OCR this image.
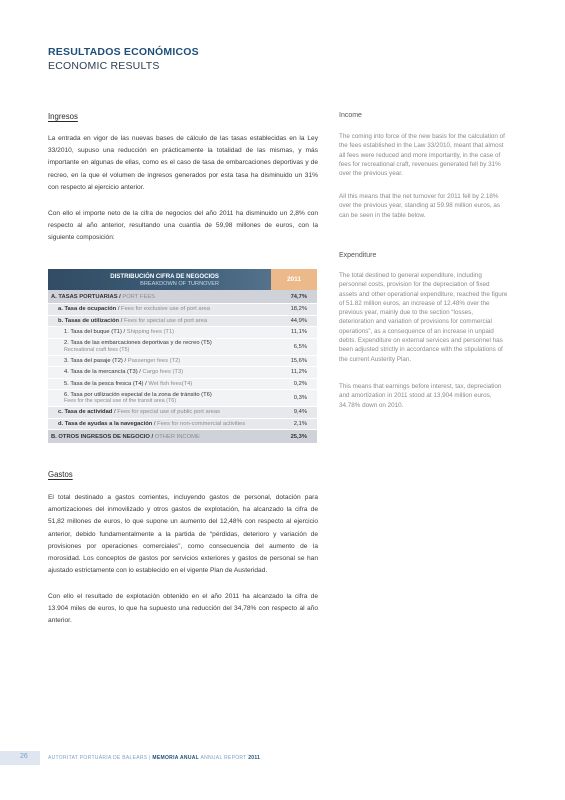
RESULTADOS ECONÓMICOS
ECONOMIC RESULTS
Ingresos
La entrada en vigor de las nuevas bases de cálculo de las tasas establecidas en la Ley 33/2010, supuso una reducción en prácticamente la totalidad de las mismas, y más importante en algunas de ellas, como es el caso de tasa de embarcaciones deportivas y de recreo, en la que el volumen de ingresos generados por esta tasa ha disminuido un 31% con respecto al ejercicio anterior.
Con ello el importe neto de la cifra de negocios del año 2011 ha disminuido un 2,8% con respecto al año anterior, resultando una cuantía de 59,98 millones de euros, con la siguiente composición:
Income
The coming into force of the new basis for the calculation of the fees established in the Law 33/2010, meant that almost all fees were reduced and more importantly, in the case of fees for recreational craft, revenues generated fell by 31% over the previous year.
All this means that the net turnover for 2011 fell by 2.18% over the previous year, standing at 59.98 million euros, as can be seen in the table below.
Expenditure
The total destined to general expenditure, including personnel costs, provision for the depreciation of fixed assets and other operational expenditure, reached the figure of 51.82 million euros, an increase of 12.48% over the previous year, mainly due to the section “losses, deterioration and variation of provisions for commercial operations”, as a consequence of an increase in unpaid debts. Expenditure on external services and personnel has been adjusted strictly in accordance with the stipulations of the current Austerity Plan.
This means that earnings before interest, tax, depreciation and amortization in 2011 stood at 13,904 million euros, 34.78% down on 2010.
DISTRIBUCIÓN CIFRA DE NEGOCIOS
BREAKDOWN OF TURNOVER
2011
A. TASAS PORTUARIAS / PORT FEES	74,7%
a. Tasa de ocupación / Fees for exclusive use of port area	18,2%
b. Tasas de utilización / Fees for special use of port area	44,9%
1. Tasa del buque (T1) / Shipping fees (T1)	11,1%
2. Tasa de las embarcaciones deportivas y de recreo (T5)
Recreational craft fees (T5)	6,5%
3. Tasa del pasaje (T2) / Passenger fees (T2)	15,6%
4. Tasa de la mercancía (T3) / Cargo fees (T3)	11,2%
5. Tasa de la pesca fresca (T4) / Wet fish fees(T4)	0,2%
6. Tasa por utilización especial de la zona de tránsito (T6)
Fees for the special use of the transit area (T6)	0,3%
c. Tasa de actividad / Fees for special use of public port areas	9,4%
d. Tasa de ayudas a la navegación / Fees for non-commercial activities	2,1%
B. OTROS INGRESOS DE NEGOCIO / OTHER INCOME	25,3%
Gastos
El total destinado a gastos corrientes, incluyendo gastos de personal, dotación para amortizaciones del inmovilizado y otros gastos de explotación, ha alcanzado la cifra de 51,82 millones de euros, lo que supone un aumento del 12,48% con respecto al ejercicio anterior, debido fundamentalmente a la partida de “pérdidas, deterioro y variación de provisiones por operaciones comerciales”, como consecuencia del aumento de la morosidad. Los conceptos de gastos por servicios exteriores y gastos de personal se han ajustado estrictamente con lo establecido en el vigente Plan de Austeridad.
Con ello el resultado de explotación obtenido en el año 2011 ha alcanzado la cifra de 13.904 miles de euros, lo que ha supuesto una reducción del 34,78% con respecto al año anterior.
26	AUTORITAT PORTUÀRIA DE BALEARS | MEMORIA ANUAL ANNUAL REPORT 2011
